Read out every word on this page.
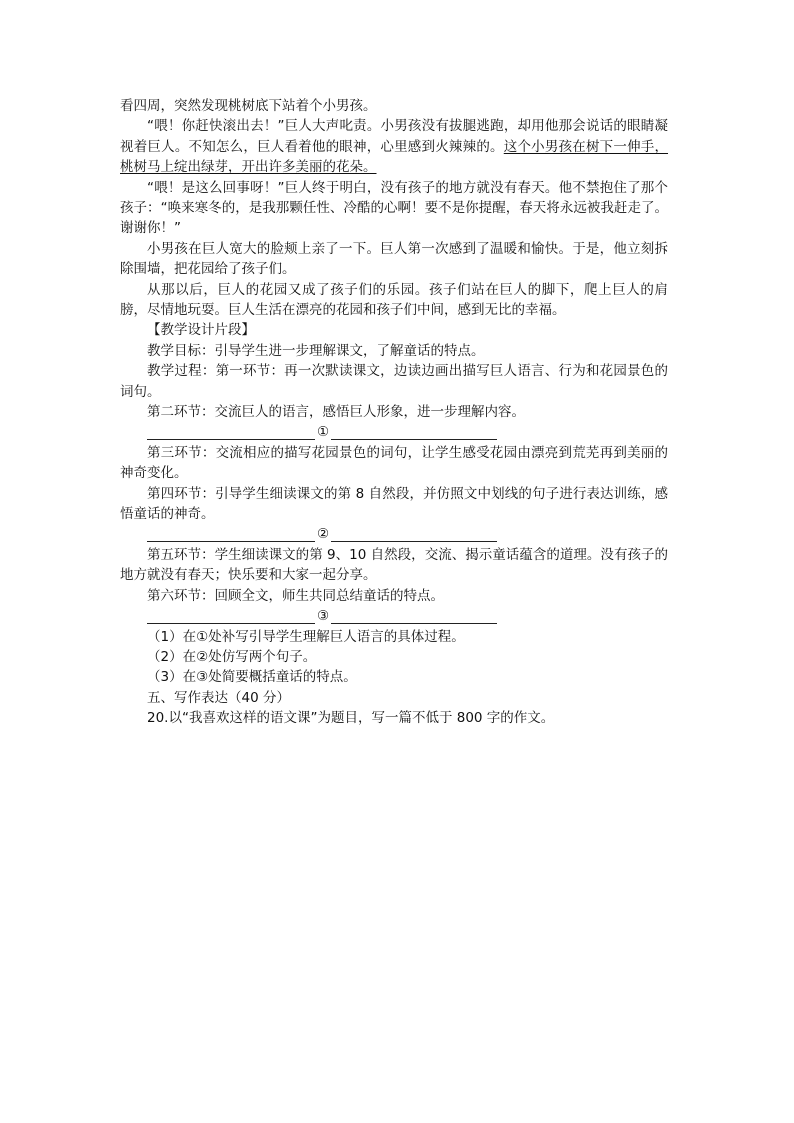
看四周，突然发现桃树底下站着个小男孩。

“喂！你赶快滚出去！”巨人大声叱责。小男孩没有拔腿逃跑，却用他那会说话的眼睛凝视着巨人。不知怎么，巨人看着他的眼神，心里感到火辣辣的。这个小男孩在树下一伸手，桃树马上绽出绿芽，开出许多美丽的花朵。

“喂！是这么回事呀！”巨人终于明白，没有孩子的地方就没有春天。他不禁抱住了那个孩子：“唤来寒冬的，是我那颗任性、冷酷的心啊！要不是你提醒，春天将永远被我赶走了。谢谢你！”

小男孩在巨人宽大的脸颊上亲了一下。巨人第一次感到了温暖和愉快。于是，他立刻拆除围墙，把花园给了孩子们。

从那以后，巨人的花园又成了孩子们的乐园。孩子们站在巨人的脚下，爬上巨人的肩膀，尽情地玩耍。巨人生活在漂亮的花园和孩子们中间，感到无比的幸福。

【教学设计片段】

教学目标：引导学生进一步理解课文，了解童话的特点。

教学过程：第一环节：再一次默读课文，边读边画出描写巨人语言、行为和花园景色的词句。

第二环节：交流巨人的语言，感悟巨人形象，进一步理解内容。

①

第三环节：交流相应的描写花园景色的词句，让学生感受花园由漂亮到荒芜再到美丽的神奇变化。

第四环节：引导学生细读课文的第 8 自然段，并仿照文中划线的句子进行表达训练，感悟童话的神奇。

②

第五环节：学生细读课文的第 9、10 自然段，交流、揭示童话蕴含的道理。没有孩子的地方就没有春天；快乐要和大家一起分享。

第六环节：回顾全文，师生共同总结童话的特点。

③

（1）在①处补写引导学生理解巨人语言的具体过程。

（2）在②处仿写两个句子。

（3）在③处简要概括童话的特点。

五、写作表达（40 分）

20.以“我喜欢这样的语文课”为题目，写一篇不低于 800 字的作文。
